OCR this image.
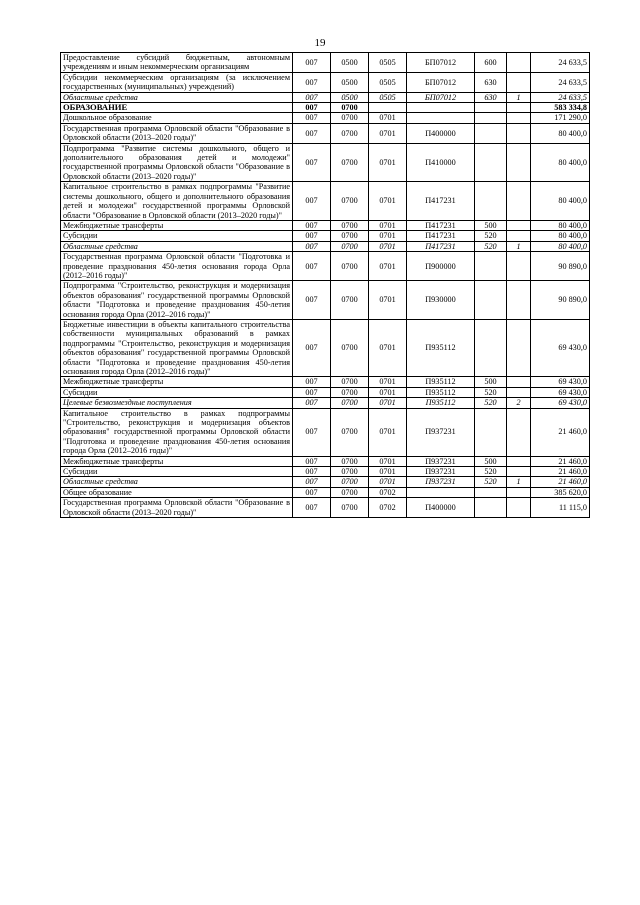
19
Предоставление субсидий бюджетным, автономным учреждениям и иным некоммерческим организациям	007	0500	0505	БП07012	600		24 633,5
Субсидии некоммерческим организациям (за исключением государственных (муниципальных) учреждений)	007	0500	0505	БП07012	630		24 633,5
Областные средства	007	0500	0505	БП07012	630	1	24 633,5
ОБРАЗОВАНИЕ	007	0700					583 334,8
Дошкольное образование	007	0700	0701				171 290,0
Государственная программа Орловской области "Образование в Орловской области (2013–2020 годы)"	007	0700	0701	П400000			80 400,0
Подпрограмма "Развитие системы дошкольного, общего и дополнительного образования детей и молодежи" государственной программы Орловской области "Образование в Орловской области (2013–2020 годы)"	007	0700	0701	П410000			80 400,0
Капитальное строительство в рамках подпрограммы "Развитие системы дошкольного, общего и дополнительного образования детей и молодежи" государственной программы Орловской области "Образование в Орловской области (2013–2020 годы)"	007	0700	0701	П417231			80 400,0
Межбюджетные трансферты	007	0700	0701	П417231	500		80 400,0
Субсидии	007	0700	0701	П417231	520		80 400,0
Областные средства	007	0700	0701	П417231	520	1	80 400,0
Государственная программа Орловской области "Подготовка и проведение празднования 450-летия основания города Орла (2012–2016 годы)"	007	0700	0701	П900000			90 890,0
Подпрограмма "Строительство, реконструкция и модернизация объектов образования" государственной программы Орловской области "Подготовка и проведение празднования 450-летия основания города Орла (2012–2016 годы)"	007	0700	0701	П930000			90 890,0
Бюджетные инвестиции в объекты капитального строительства собственности муниципальных образований в рамках подпрограммы "Строительство, реконструкция и модернизация объектов образования" государственной программы Орловской области "Подготовка и проведение празднования 450-летия основания города Орла (2012–2016 годы)"	007	0700	0701	П935112			69 430,0
Межбюджетные трансферты	007	0700	0701	П935112	500		69 430,0
Субсидии	007	0700	0701	П935112	520		69 430,0
Целевые безвозмездные поступления	007	0700	0701	П935112	520	2	69 430,0
Капитальное строительство в рамках подпрограммы "Строительство, реконструкция и модернизация объектов образования" государственной программы Орловской области "Подготовка и проведение празднования 450-летия основания города Орла (2012–2016 годы)"	007	0700	0701	П937231			21 460,0
Межбюджетные трансферты	007	0700	0701	П937231	500		21 460,0
Субсидии	007	0700	0701	П937231	520		21 460,0
Областные средства	007	0700	0701	П937231	520	1	21 460,0
Общее образование	007	0700	0702				385 620,0
Государственная программа Орловской области "Образование в Орловской области (2013–2020 годы)"	007	0700	0702	П400000			11 115,0
